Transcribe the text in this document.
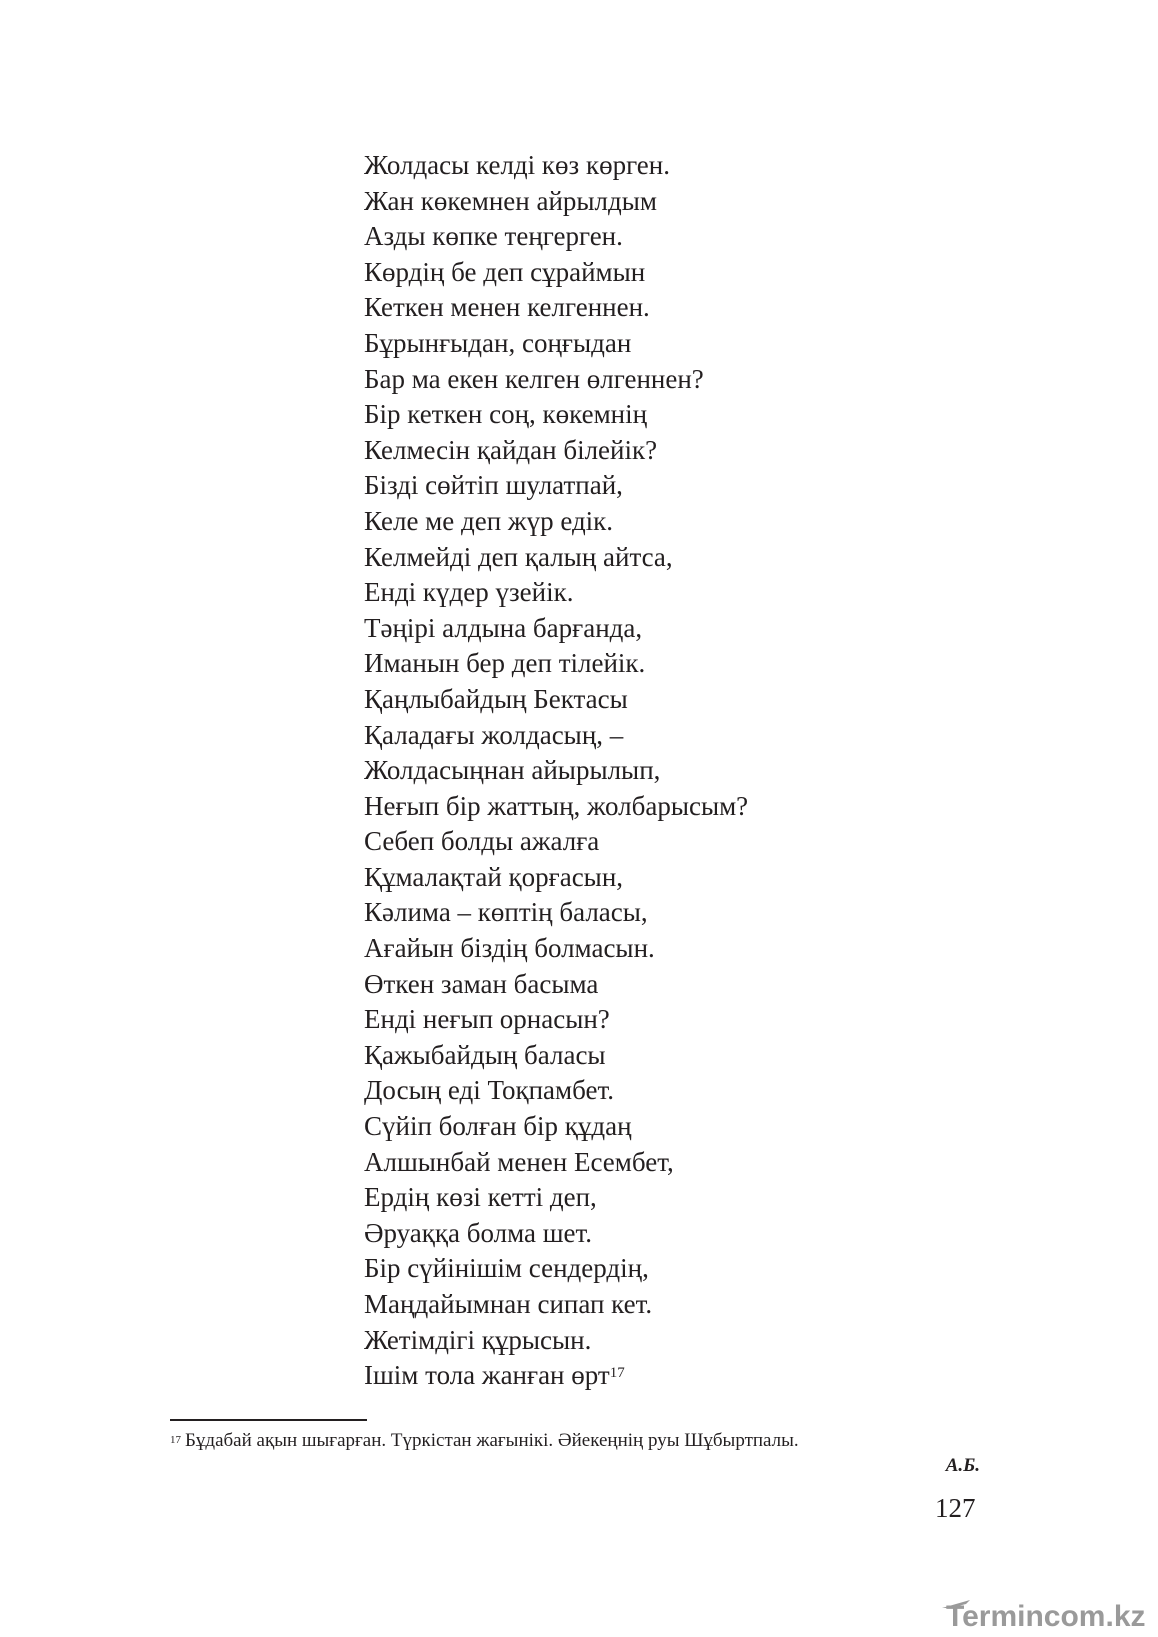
Жолдасы келді көз көрген.
Жан көкемнен айрылдым
Азды көпке теңгерген.
Көрдің бе деп сұраймын
Кеткен менен келгеннен.
Бұрынғыдан, соңғыдан
Бар ма екен келген өлгеннен?
Бір кеткен соң, көкемнің
Келмесін қайдан білейік?
Бізді сөйтіп шулатпай,
Келе ме деп жүр едік.
Келмейді деп қалың айтса,
Енді күдер үзейік.
Тәңірі алдына барғанда,
Иманын бер деп тілейік.
Қаңлыбайдың Бектасы
Қаладағы жолдасың, –
Жолдасыңнан айырылып,
Неғып бір жаттың, жолбарысым?
Себеп болды ажалға
Құмалақтай қорғасын,
Кәлима – көптің баласы,
Ағайын біздің болмасын.
Өткен заман басыма
Енді неғып орнасын?
Қажыбайдың баласы
Досың еді Тоқпамбет.
Сүйіп болған бір құдаң
Алшынбай менен Есембет,
Ердің көзі кетті деп,
Әруаққа болма шет.
Бір сүйінішім сендердің,
Маңдайымнан сипап кет.
Жетімдігі құрысын.
Ішім тола жанған өрт$^{17}$
$^{17}$ Бұдабай ақын шығарған. Түркістан жағынікі. Әйекеңнің руы Шұбыртпалы.
А.Б.
127
Termincom.kz
